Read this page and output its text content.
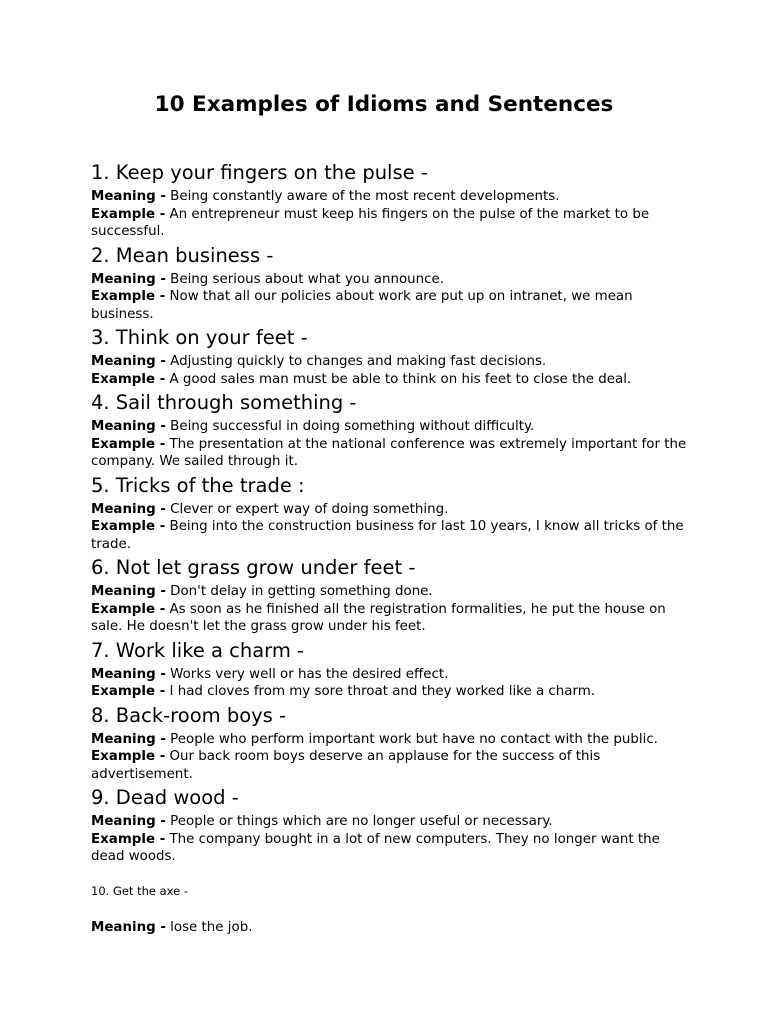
10 Examples of Idioms and Sentences

1. Keep your fingers on the pulse -

Meaning - Being constantly aware of the most recent developments.

Example - An entrepreneur must keep his fingers on the pulse of the market to be successful.

2. Mean business -

Meaning - Being serious about what you announce.

Example - Now that all our policies about work are put up on intranet, we mean business.

3. Think on your feet -

Meaning - Adjusting quickly to changes and making fast decisions.

Example - A good sales man must be able to think on his feet to close the deal.

4. Sail through something -

Meaning - Being successful in doing something without difficulty.

Example - The presentation at the national conference was extremely important for the company. We sailed through it.

5. Tricks of the trade :

Meaning - Clever or expert way of doing something.

Example - Being into the construction business for last 10 years, I know all tricks of the trade.

6. Not let grass grow under feet -

Meaning - Don't delay in getting something done.

Example - As soon as he finished all the registration formalities, he put the house on sale. He doesn't let the grass grow under his feet.

7. Work like a charm -

Meaning - Works very well or has the desired effect.

Example - I had cloves from my sore throat and they worked like a charm.

8. Back-room boys -

Meaning - People who perform important work but have no contact with the public.

Example - Our back room boys deserve an applause for the success of this advertisement.

9. Dead wood -

Meaning - People or things which are no longer useful or necessary.

Example - The company bought in a lot of new computers. They no longer want the dead woods.

10. Get the axe -

Meaning - lose the job.
